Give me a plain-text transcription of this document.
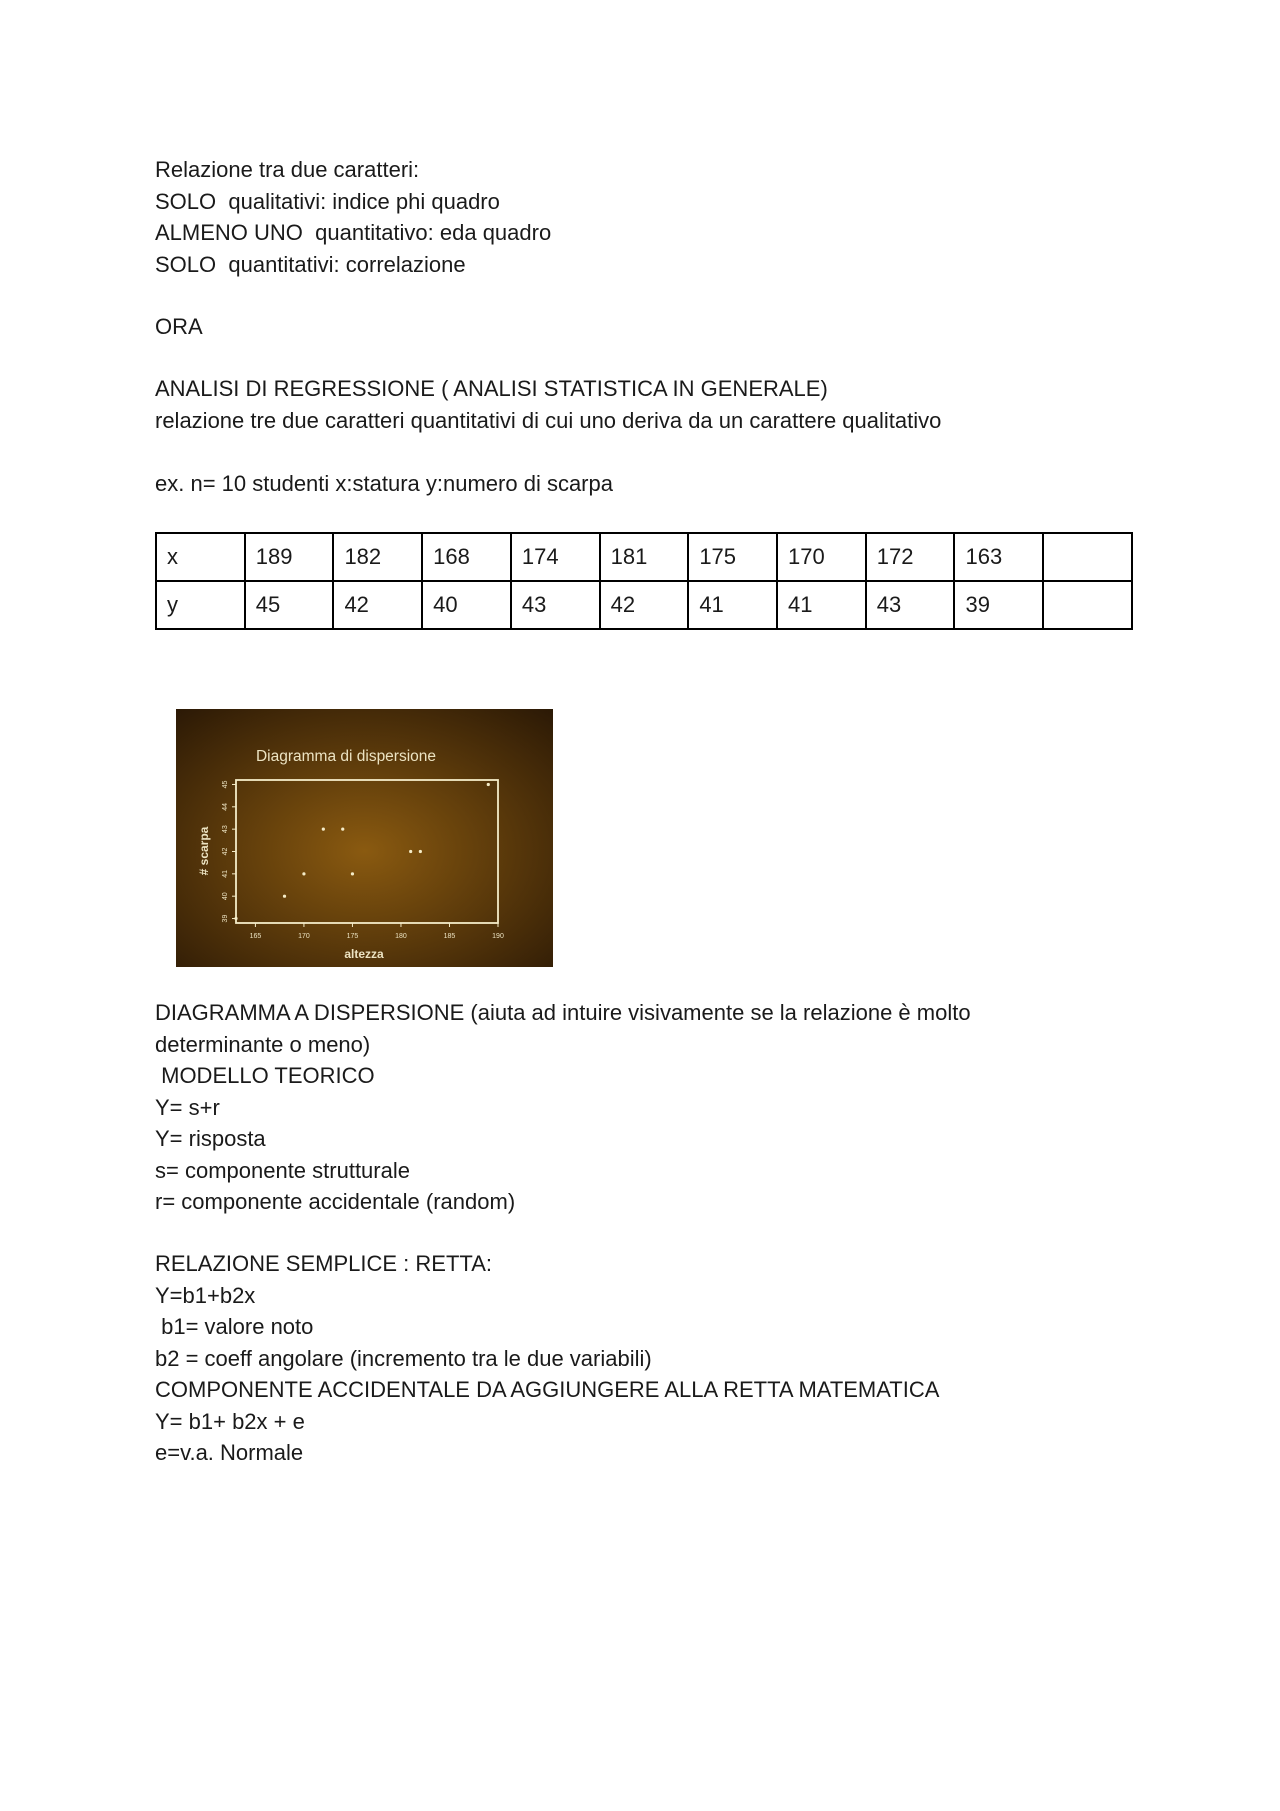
Relazione tra due caratteri:
SOLO  qualitativi: indice phi quadro
ALMENO UNO  quantitativo: eda quadro
SOLO  quantitativi: correlazione
ORA
ANALISI DI REGRESSIONE ( ANALISI STATISTICA IN GENERALE)
relazione tre due caratteri quantitativi di cui uno deriva da un carattere qualitativo
ex. n= 10 studenti x:statura y:numero di scarpa
x	189	182	168	174	181	175	170	172	163	
y	45	42	40	43	42	41	41	43	39	
Diagramma di dispersione
39
40
41
42
43
44
45
165	170	175	180	185	190
# scarpa
altezza
DIAGRAMMA A DISPERSIONE (aiuta ad intuire visivamente se la relazione è molto
determinante o meno)
MODELLO TEORICO
Y= s+r
Y= risposta
s= componente strutturale
r= componente accidentale (random)
RELAZIONE SEMPLICE : RETTA:
Y=b1+b2x
b1= valore noto
b2 = coeff angolare (incremento tra le due variabili)
COMPONENTE ACCIDENTALE DA AGGIUNGERE ALLA RETTA MATEMATICA
Y= b1+ b2x + e
e=v.a. Normale
